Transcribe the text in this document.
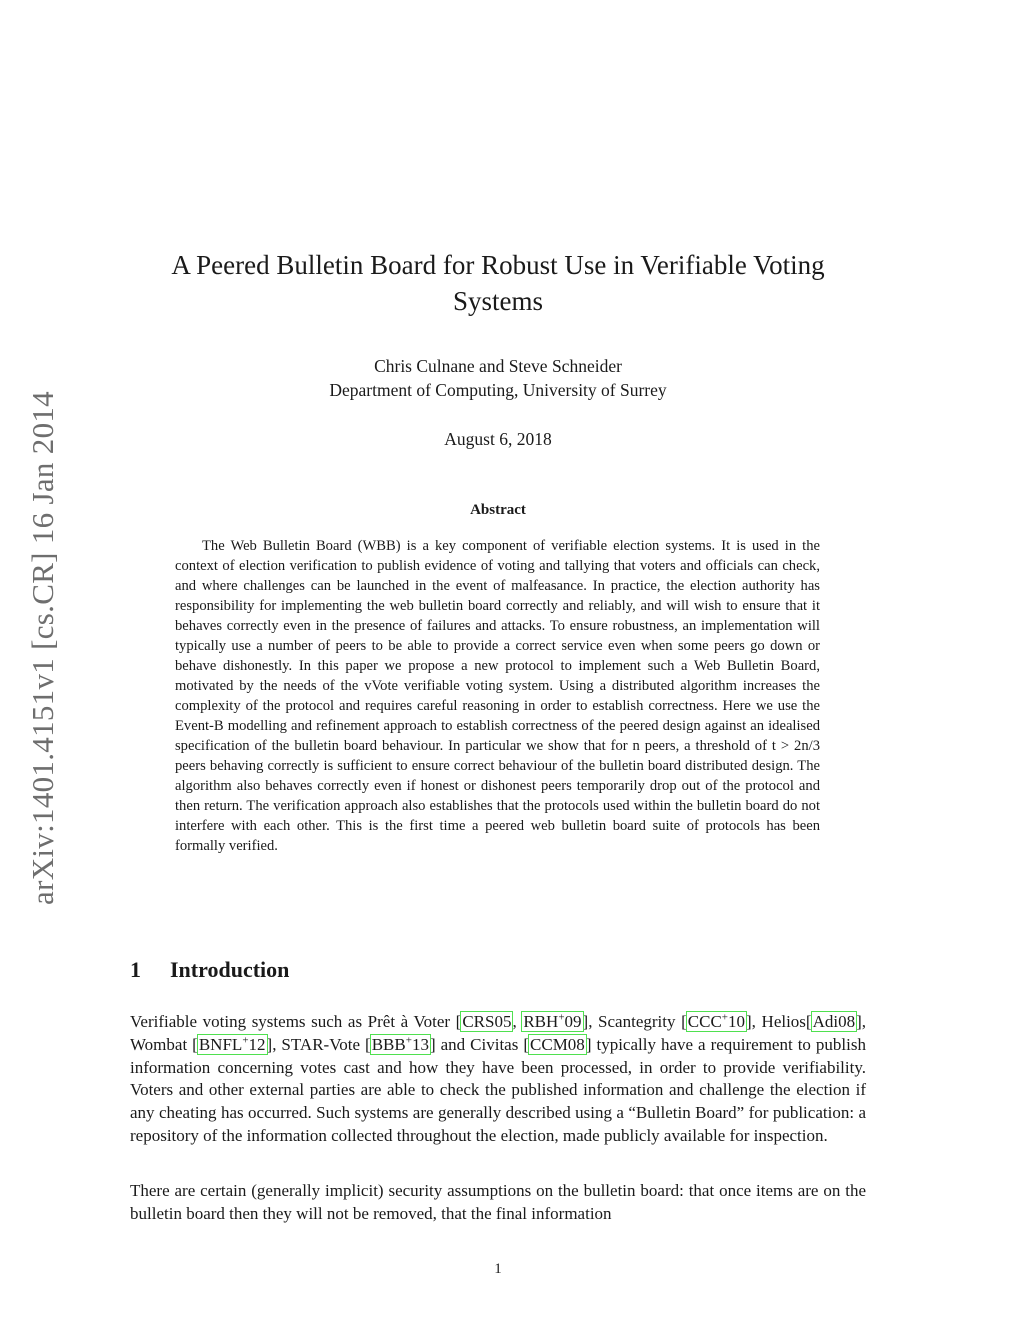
arXiv:1401.4151v1 [cs.CR] 16 Jan 2014
A Peered Bulletin Board for Robust Use in Verifiable Voting Systems
Chris Culnane and Steve Schneider
Department of Computing, University of Surrey
August 6, 2018
Abstract

The Web Bulletin Board (WBB) is a key component of verifiable election systems. It is used in the context of election verification to publish evidence of voting and tallying that voters and officials can check, and where challenges can be launched in the event of malfeasance. In practice, the election authority has responsibility for implementing the web bulletin board correctly and reliably, and will wish to ensure that it behaves correctly even in the presence of failures and attacks. To ensure robustness, an implementation will typically use a number of peers to be able to provide a correct service even when some peers go down or behave dishonestly. In this paper we propose a new protocol to implement such a Web Bulletin Board, motivated by the needs of the vVote verifiable voting system. Using a distributed algorithm increases the complexity of the protocol and requires careful reasoning in order to establish correctness. Here we use the Event-B modelling and refinement approach to establish correctness of the peered design against an idealised specification of the bulletin board behaviour. In particular we show that for n peers, a threshold of t > 2n/3 peers behaving correctly is sufficient to ensure correct behaviour of the bulletin board distributed design. The algorithm also behaves correctly even if honest or dishonest peers temporarily drop out of the protocol and then return. The verification approach also establishes that the protocols used within the bulletin board do not interfere with each other. This is the first time a peered web bulletin board suite of protocols has been formally verified.

1 Introduction

Verifiable voting systems such as Prêt à Voter [CRS05, RBH+09], Scantegrity [CCC+10], Helios[Adi08], Wombat [BNFL+12], STAR-Vote [BBB+13] and Civitas [CCM08] typically have a requirement to publish information concerning votes cast and how they have been processed, in order to provide verifiability. Voters and other external parties are able to check the published information and challenge the election if any cheating has occurred. Such systems are generally described using a “Bulletin Board” for publication: a repository of the information collected throughout the election, made publicly available for inspection.

There are certain (generally implicit) security assumptions on the bulletin board: that once items are on the bulletin board then they will not be removed, that the final information

1
